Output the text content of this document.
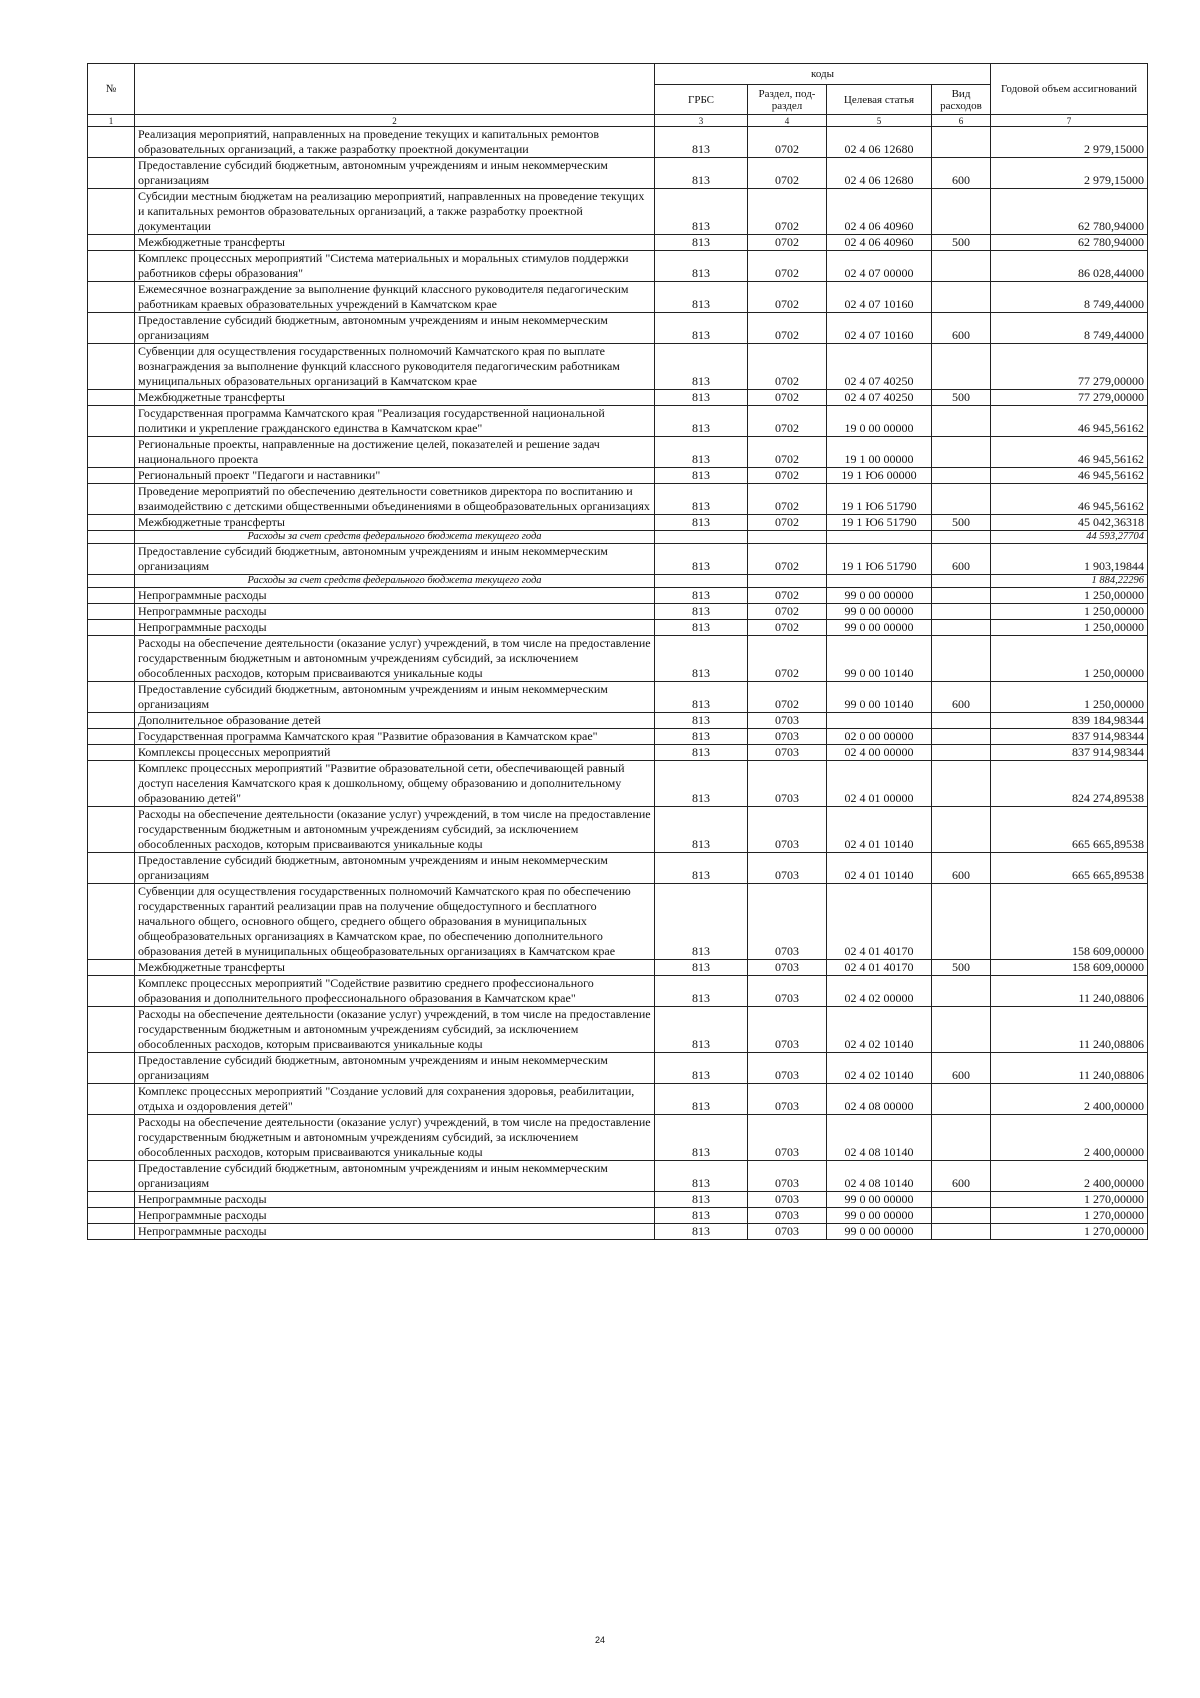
№		коды				Годовой объем ассигнований
		ГРБС	Раздел, под-раздел	Целевая статья	Вид расходов	
1	2	3	4	5	6	7
	Реализация мероприятий, направленных на проведение текущих и капитальных ремонтов образовательных организаций, а также разработку проектной документации	813	0702	02 4 06 12680		2 979,15000
	Предоставление субсидий бюджетным, автономным учреждениям и иным некоммерческим организациям	813	0702	02 4 06 12680	600	2 979,15000
	Субсидии местным бюджетам на реализацию мероприятий, направленных на проведение текущих и капитальных ремонтов образовательных организаций, а также разработку проектной документации	813	0702	02 4 06 40960		62 780,94000
	Межбюджетные трансферты	813	0702	02 4 06 40960	500	62 780,94000
	Комплекс процессных мероприятий "Система материальных и моральных стимулов поддержки работников сферы образования"	813	0702	02 4 07 00000		86 028,44000
	Ежемесячное вознаграждение за выполнение функций классного руководителя педагогическим работникам краевых образовательных учреждений в Камчатском крае	813	0702	02 4 07 10160		8 749,44000
	Предоставление субсидий бюджетным, автономным учреждениям и иным некоммерческим организациям	813	0702	02 4 07 10160	600	8 749,44000
	Субвенции для осуществления государственных полномочий Камчатского края по выплате вознаграждения за выполнение функций классного руководителя педагогическим работникам муниципальных образовательных организаций в Камчатском крае	813	0702	02 4 07 40250		77 279,00000
	Межбюджетные трансферты	813	0702	02 4 07 40250	500	77 279,00000
	Государственная программа Камчатского края "Реализация государственной национальной политики и укрепление гражданского единства в Камчатском крае"	813	0702	19 0 00 00000		46 945,56162
	Региональные проекты, направленные на достижение целей, показателей и решение задач национального проекта	813	0702	19 1 00 00000		46 945,56162
	Региональный проект "Педагоги и наставники"	813	0702	19 1 Ю6 00000		46 945,56162
	Проведение мероприятий по обеспечению деятельности советников директора по воспитанию и взаимодействию с детскими общественными объединениями в общеобразовательных организациях	813	0702	19 1 Ю6 51790		46 945,56162
	Межбюджетные трансферты	813	0702	19 1 Ю6 51790	500	45 042,36318
	Расходы за счет средств федерального бюджета текущего года					44 593,27704
	Предоставление субсидий бюджетным, автономным учреждениям и иным некоммерческим организациям	813	0702	19 1 Ю6 51790	600	1 903,19844
	Расходы за счет средств федерального бюджета текущего года					1 884,22296
	Непрограммные расходы	813	0702	99 0 00 00000		1 250,00000
	Непрограммные расходы	813	0702	99 0 00 00000		1 250,00000
	Непрограммные расходы	813	0702	99 0 00 00000		1 250,00000
	Расходы на обеспечение деятельности (оказание услуг) учреждений, в том числе на предоставление государственным бюджетным и автономным учреждениям субсидий, за исключением обособленных расходов, которым присваиваются уникальные коды	813	0702	99 0 00 10140		1 250,00000
	Предоставление субсидий бюджетным, автономным учреждениям и иным некоммерческим организациям	813	0702	99 0 00 10140	600	1 250,00000
	Дополнительное образование детей	813	0703			839 184,98344
	Государственная программа Камчатского края "Развитие образования в Камчатском крае"	813	0703	02 0 00 00000		837 914,98344
	Комплексы процессных мероприятий	813	0703	02 4 00 00000		837 914,98344
	Комплекс процессных мероприятий "Развитие образовательной сети, обеспечивающей равный доступ населения Камчатского края к дошкольному, общему образованию и дополнительному образованию детей"	813	0703	02 4 01 00000		824 274,89538
	Расходы на обеспечение деятельности (оказание услуг) учреждений, в том числе на предоставление государственным бюджетным и автономным учреждениям субсидий, за исключением обособленных расходов, которым присваиваются уникальные коды	813	0703	02 4 01 10140		665 665,89538
	Предоставление субсидий бюджетным, автономным учреждениям и иным некоммерческим организациям	813	0703	02 4 01 10140	600	665 665,89538
	Субвенции для осуществления государственных полномочий Камчатского края по обеспечению государственных гарантий реализации прав на получение общедоступного и бесплатного начального общего, основного общего, среднего общего образования в муниципальных общеобразовательных организациях в Камчатском крае, по обеспечению дополнительного образования детей в муниципальных общеобразовательных организациях в Камчатском крае	813	0703	02 4 01 40170		158 609,00000
	Межбюджетные трансферты	813	0703	02 4 01 40170	500	158 609,00000
	Комплекс процессных мероприятий "Содействие развитию среднего профессионального образования и дополнительного профессионального образования в Камчатском крае"	813	0703	02 4 02 00000		11 240,08806
	Расходы на обеспечение деятельности (оказание услуг) учреждений, в том числе на предоставление государственным бюджетным и автономным учреждениям субсидий, за исключением обособленных расходов, которым присваиваются уникальные коды	813	0703	02 4 02 10140		11 240,08806
	Предоставление субсидий бюджетным, автономным учреждениям и иным некоммерческим организациям	813	0703	02 4 02 10140	600	11 240,08806
	Комплекс процессных мероприятий "Создание условий для сохранения здоровья, реабилитации, отдыха и оздоровления детей"	813	0703	02 4 08 00000		2 400,00000
	Расходы на обеспечение деятельности (оказание услуг) учреждений, в том числе на предоставление государственным бюджетным и автономным учреждениям субсидий, за исключением обособленных расходов, которым присваиваются уникальные коды	813	0703	02 4 08 10140		2 400,00000
	Предоставление субсидий бюджетным, автономным учреждениям и иным некоммерческим организациям	813	0703	02 4 08 10140	600	2 400,00000
	Непрограммные расходы	813	0703	99 0 00 00000		1 270,00000
	Непрограммные расходы	813	0703	99 0 00 00000		1 270,00000
	Непрограммные расходы	813	0703	99 0 00 00000		1 270,00000
24
